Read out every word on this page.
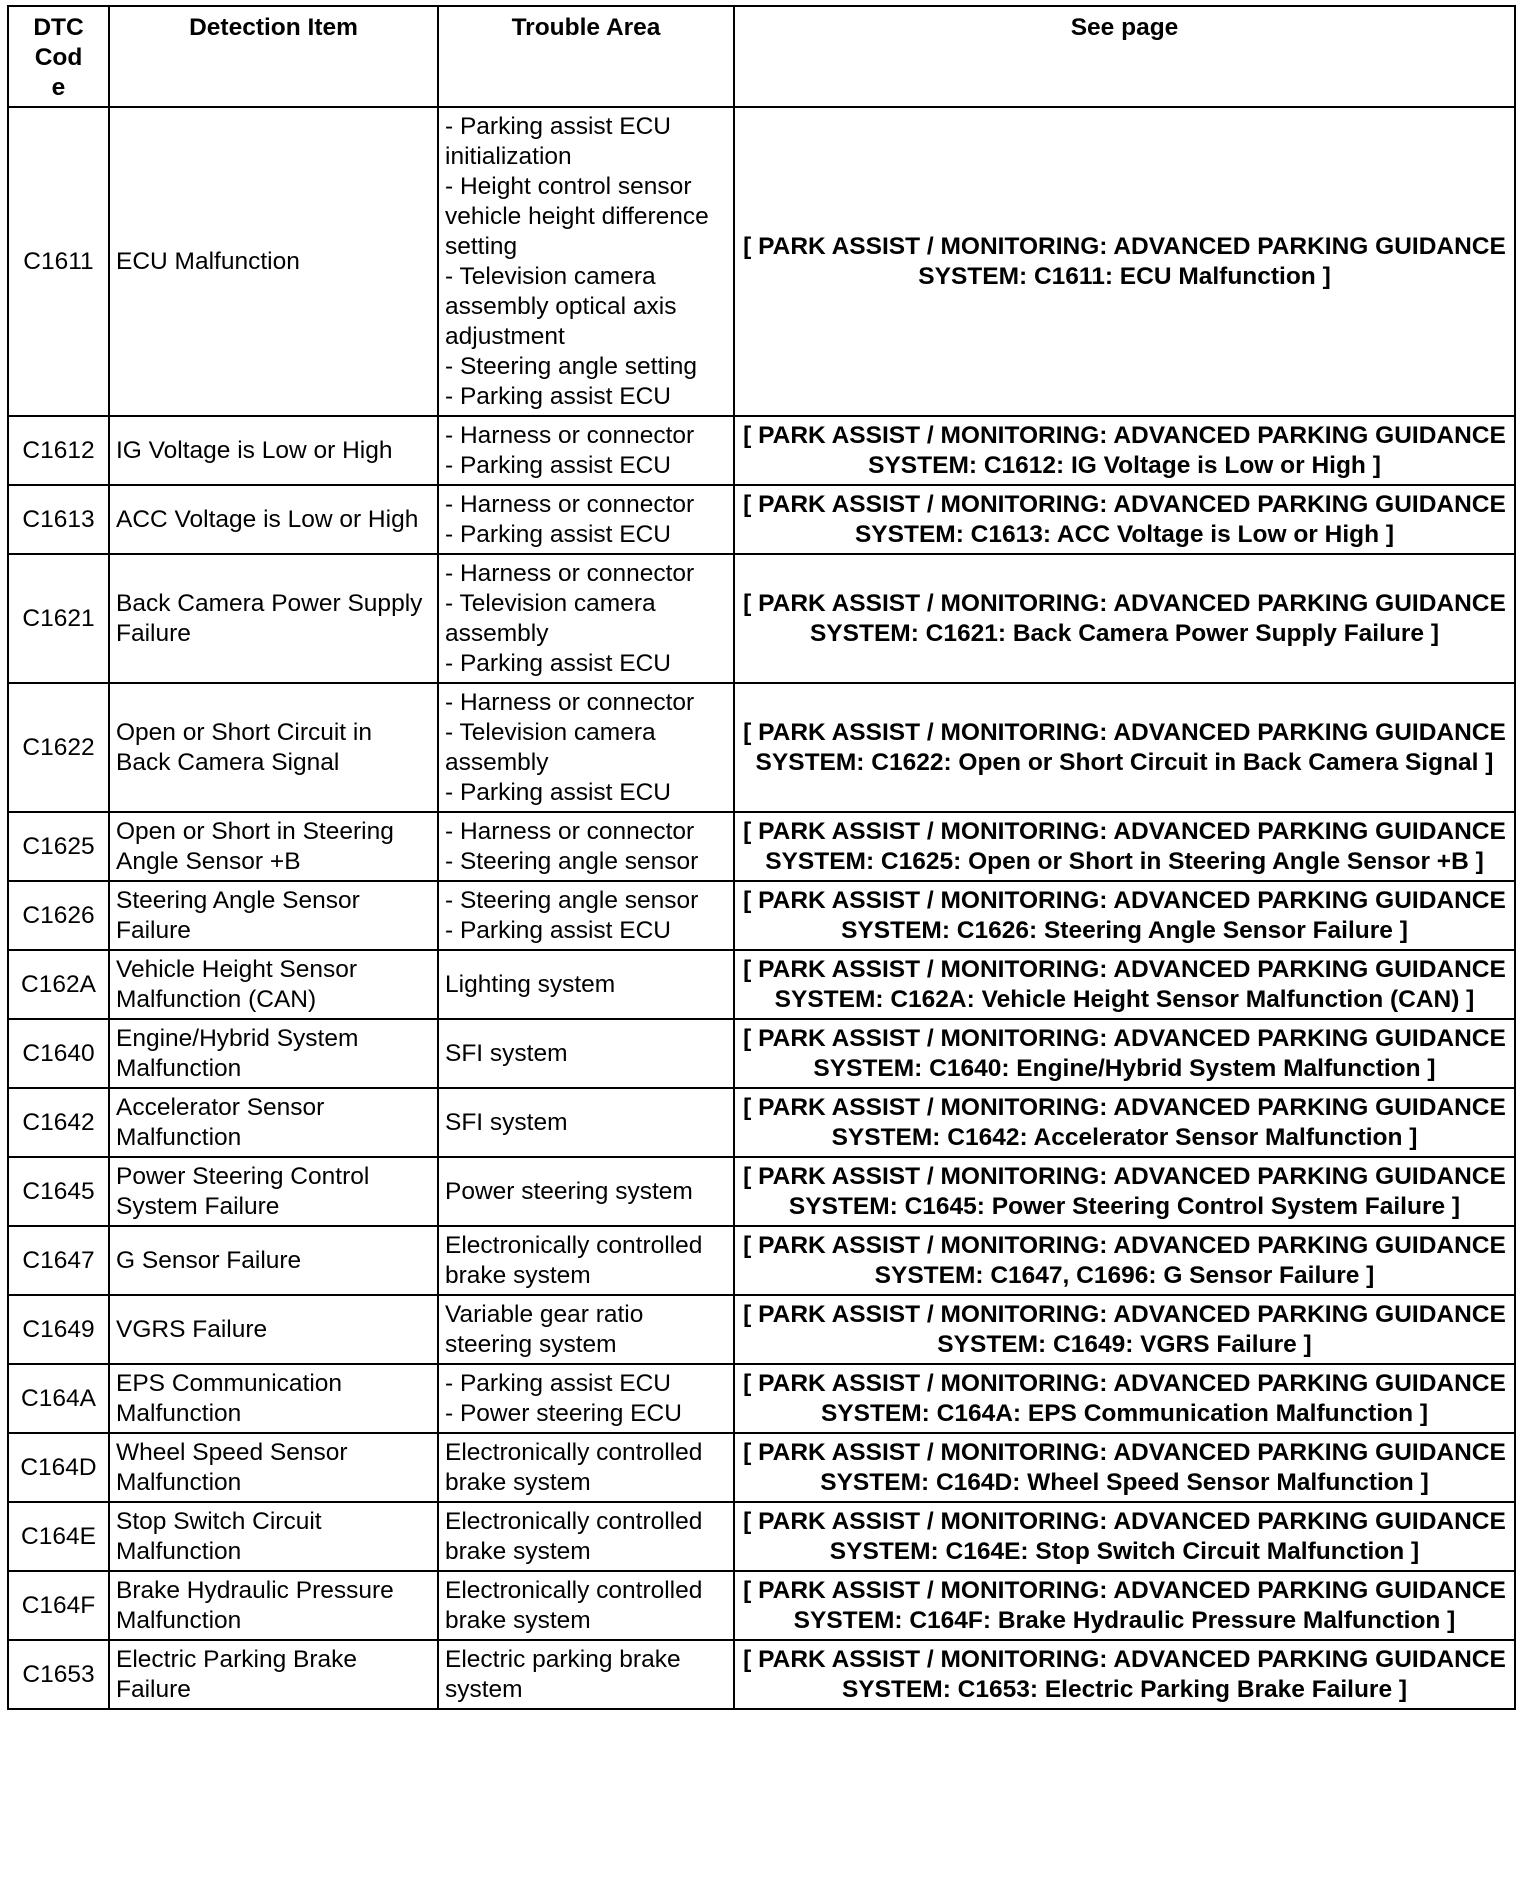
DTC Code	Detection Item	Trouble Area	See page
C1611	ECU Malfunction	- Parking assist ECU initialization
- Height control sensor vehicle height difference setting
- Television camera assembly optical axis adjustment
- Steering angle setting
- Parking assist ECU	[ PARK ASSIST / MONITORING: ADVANCED PARKING GUIDANCE SYSTEM: C1611: ECU Malfunction ]
C1612	IG Voltage is Low or High	- Harness or connector
- Parking assist ECU	[ PARK ASSIST / MONITORING: ADVANCED PARKING GUIDANCE SYSTEM: C1612: IG Voltage is Low or High ]
C1613	ACC Voltage is Low or High	- Harness or connector
- Parking assist ECU	[ PARK ASSIST / MONITORING: ADVANCED PARKING GUIDANCE SYSTEM: C1613: ACC Voltage is Low or High ]
C1621	Back Camera Power Supply Failure	- Harness or connector
- Television camera assembly
- Parking assist ECU	[ PARK ASSIST / MONITORING: ADVANCED PARKING GUIDANCE SYSTEM: C1621: Back Camera Power Supply Failure ]
C1622	Open or Short Circuit in Back Camera Signal	- Harness or connector
- Television camera assembly
- Parking assist ECU	[ PARK ASSIST / MONITORING: ADVANCED PARKING GUIDANCE SYSTEM: C1622: Open or Short Circuit in Back Camera Signal ]
C1625	Open or Short in Steering Angle Sensor +B	- Harness or connector
- Steering angle sensor	[ PARK ASSIST / MONITORING: ADVANCED PARKING GUIDANCE SYSTEM: C1625: Open or Short in Steering Angle Sensor +B ]
C1626	Steering Angle Sensor Failure	- Steering angle sensor
- Parking assist ECU	[ PARK ASSIST / MONITORING: ADVANCED PARKING GUIDANCE SYSTEM: C1626: Steering Angle Sensor Failure ]
C162A	Vehicle Height Sensor Malfunction (CAN)	Lighting system	[ PARK ASSIST / MONITORING: ADVANCED PARKING GUIDANCE SYSTEM: C162A: Vehicle Height Sensor Malfunction (CAN) ]
C1640	Engine/Hybrid System Malfunction	SFI system	[ PARK ASSIST / MONITORING: ADVANCED PARKING GUIDANCE SYSTEM: C1640: Engine/Hybrid System Malfunction ]
C1642	Accelerator Sensor Malfunction	SFI system	[ PARK ASSIST / MONITORING: ADVANCED PARKING GUIDANCE SYSTEM: C1642: Accelerator Sensor Malfunction ]
C1645	Power Steering Control System Failure	Power steering system	[ PARK ASSIST / MONITORING: ADVANCED PARKING GUIDANCE SYSTEM: C1645: Power Steering Control System Failure ]
C1647	G Sensor Failure	Electronically controlled brake system	[ PARK ASSIST / MONITORING: ADVANCED PARKING GUIDANCE SYSTEM: C1647, C1696: G Sensor Failure ]
C1649	VGRS Failure	Variable gear ratio steering system	[ PARK ASSIST / MONITORING: ADVANCED PARKING GUIDANCE SYSTEM: C1649: VGRS Failure ]
C164A	EPS Communication Malfunction	- Parking assist ECU
- Power steering ECU	[ PARK ASSIST / MONITORING: ADVANCED PARKING GUIDANCE SYSTEM: C164A: EPS Communication Malfunction ]
C164D	Wheel Speed Sensor Malfunction	Electronically controlled brake system	[ PARK ASSIST / MONITORING: ADVANCED PARKING GUIDANCE SYSTEM: C164D: Wheel Speed Sensor Malfunction ]
C164E	Stop Switch Circuit Malfunction	Electronically controlled brake system	[ PARK ASSIST / MONITORING: ADVANCED PARKING GUIDANCE SYSTEM: C164E: Stop Switch Circuit Malfunction ]
C164F	Brake Hydraulic Pressure Malfunction	Electronically controlled brake system	[ PARK ASSIST / MONITORING: ADVANCED PARKING GUIDANCE SYSTEM: C164F: Brake Hydraulic Pressure Malfunction ]
C1653	Electric Parking Brake Failure	Electric parking brake system	[ PARK ASSIST / MONITORING: ADVANCED PARKING GUIDANCE SYSTEM: C1653: Electric Parking Brake Failure ]
